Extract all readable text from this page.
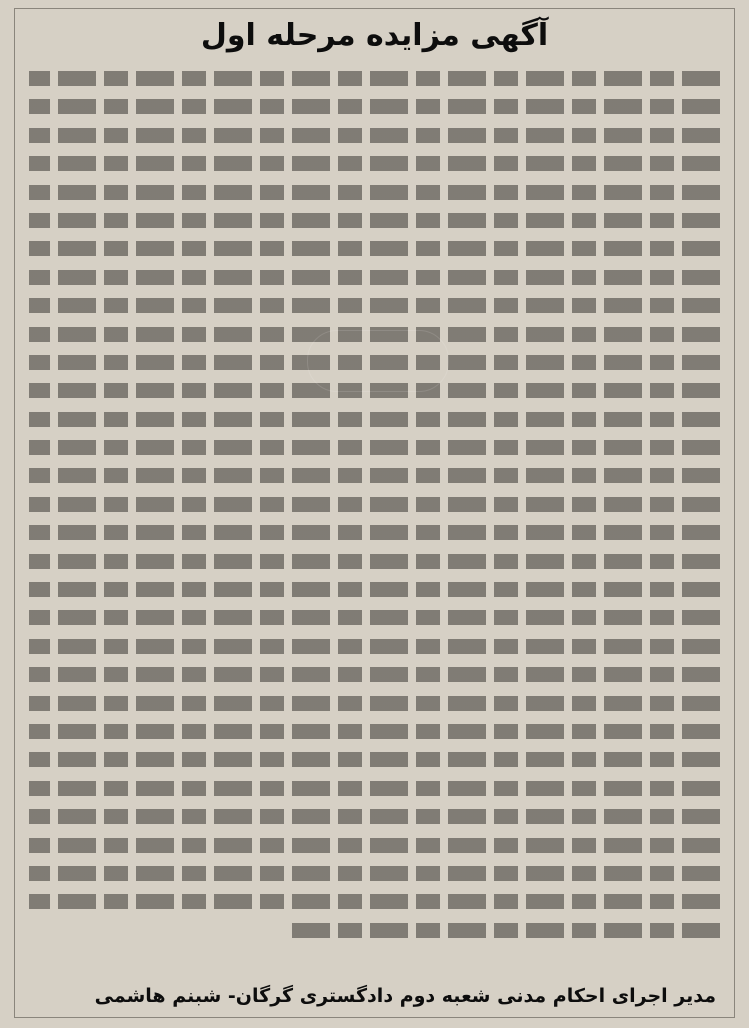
آگهی مزایده مرحله اول
مدیر اجرای احکام مدنی شعبه دوم دادگستری گرگان- شبنم هاشمی
